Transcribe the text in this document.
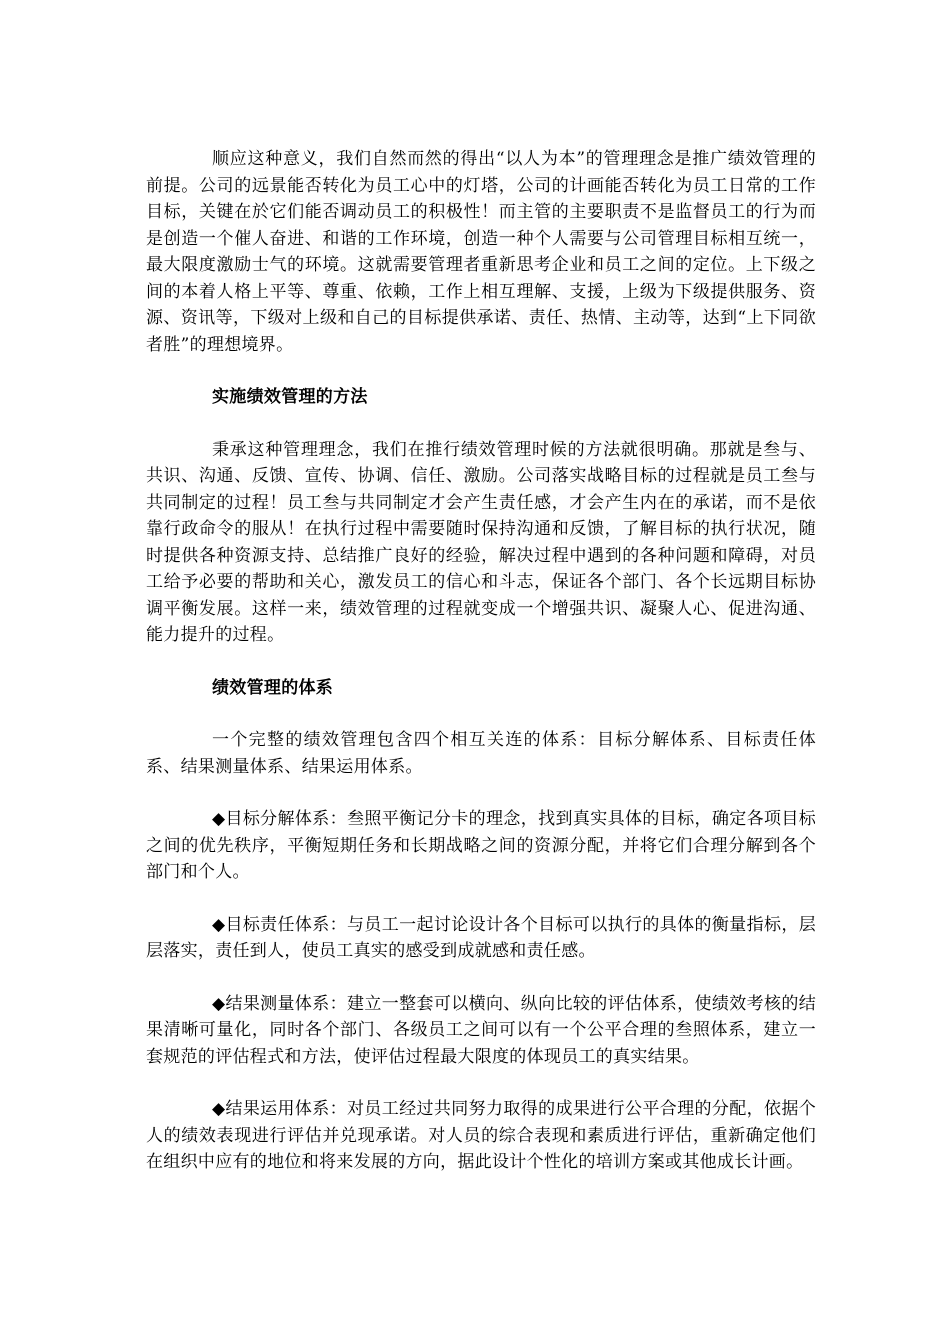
顺应这种意义，我们自然而然的得出“以人为本”的管理理念是推广绩效管理的前提。公司的远景能否转化为员工心中的灯塔，公司的计画能否转化为员工日常的工作目标，关键在於它们能否调动员工的积极性！而主管的主要职责不是监督员工的行为而是创造一个催人奋进、和谐的工作环境，创造一种个人需要与公司管理目标相互统一，最大限度激励士气的环境。这就需要管理者重新思考企业和员工之间的定位。上下级之间的本着人格上平等、尊重、依赖，工作上相互理解、支援，上级为下级提供服务、资源、资讯等，下级对上级和自己的目标提供承诺、责任、热情、主动等，达到“上下同欲者胜”的理想境界。

实施绩效管理的方法

秉承这种管理理念，我们在推行绩效管理时候的方法就很明确。那就是叁与、共识、沟通、反馈、宣传、协调、信任、激励。公司落实战略目标的过程就是员工叁与共同制定的过程！员工叁与共同制定才会产生责任感，才会产生内在的承诺，而不是依靠行政命令的服从！在执行过程中需要随时保持沟通和反馈，了解目标的执行状况，随时提供各种资源支持、总结推广良好的经验，解决过程中遇到的各种问题和障碍，对员工给予必要的帮助和关心，激发员工的信心和斗志，保证各个部门、各个长远期目标协调平衡发展。这样一来，绩效管理的过程就变成一个增强共识、凝聚人心、促进沟通、能力提升的过程。

绩效管理的体系

一个完整的绩效管理包含四个相互关连的体系：目标分解体系、目标责任体系、结果测量体系、结果运用体系。

◆目标分解体系：叁照平衡记分卡的理念，找到真实具体的目标，确定各项目标之间的优先秩序，平衡短期任务和长期战略之间的资源分配，并将它们合理分解到各个部门和个人。

◆目标责任体系：与员工一起讨论设计各个目标可以执行的具体的衡量指标，层层落实，责任到人，使员工真实的感受到成就感和责任感。

◆结果测量体系：建立一整套可以横向、纵向比较的评估体系，使绩效考核的结果清晰可量化，同时各个部门、各级员工之间可以有一个公平合理的叁照体系，建立一套规范的评估程式和方法，使评估过程最大限度的体现员工的真实结果。

◆结果运用体系：对员工经过共同努力取得的成果进行公平合理的分配，依据个人的绩效表现进行评估并兑现承诺。对人员的综合表现和素质进行评估，重新确定他们在组织中应有的地位和将来发展的方向，据此设计个性化的培训方案或其他成长计画。
